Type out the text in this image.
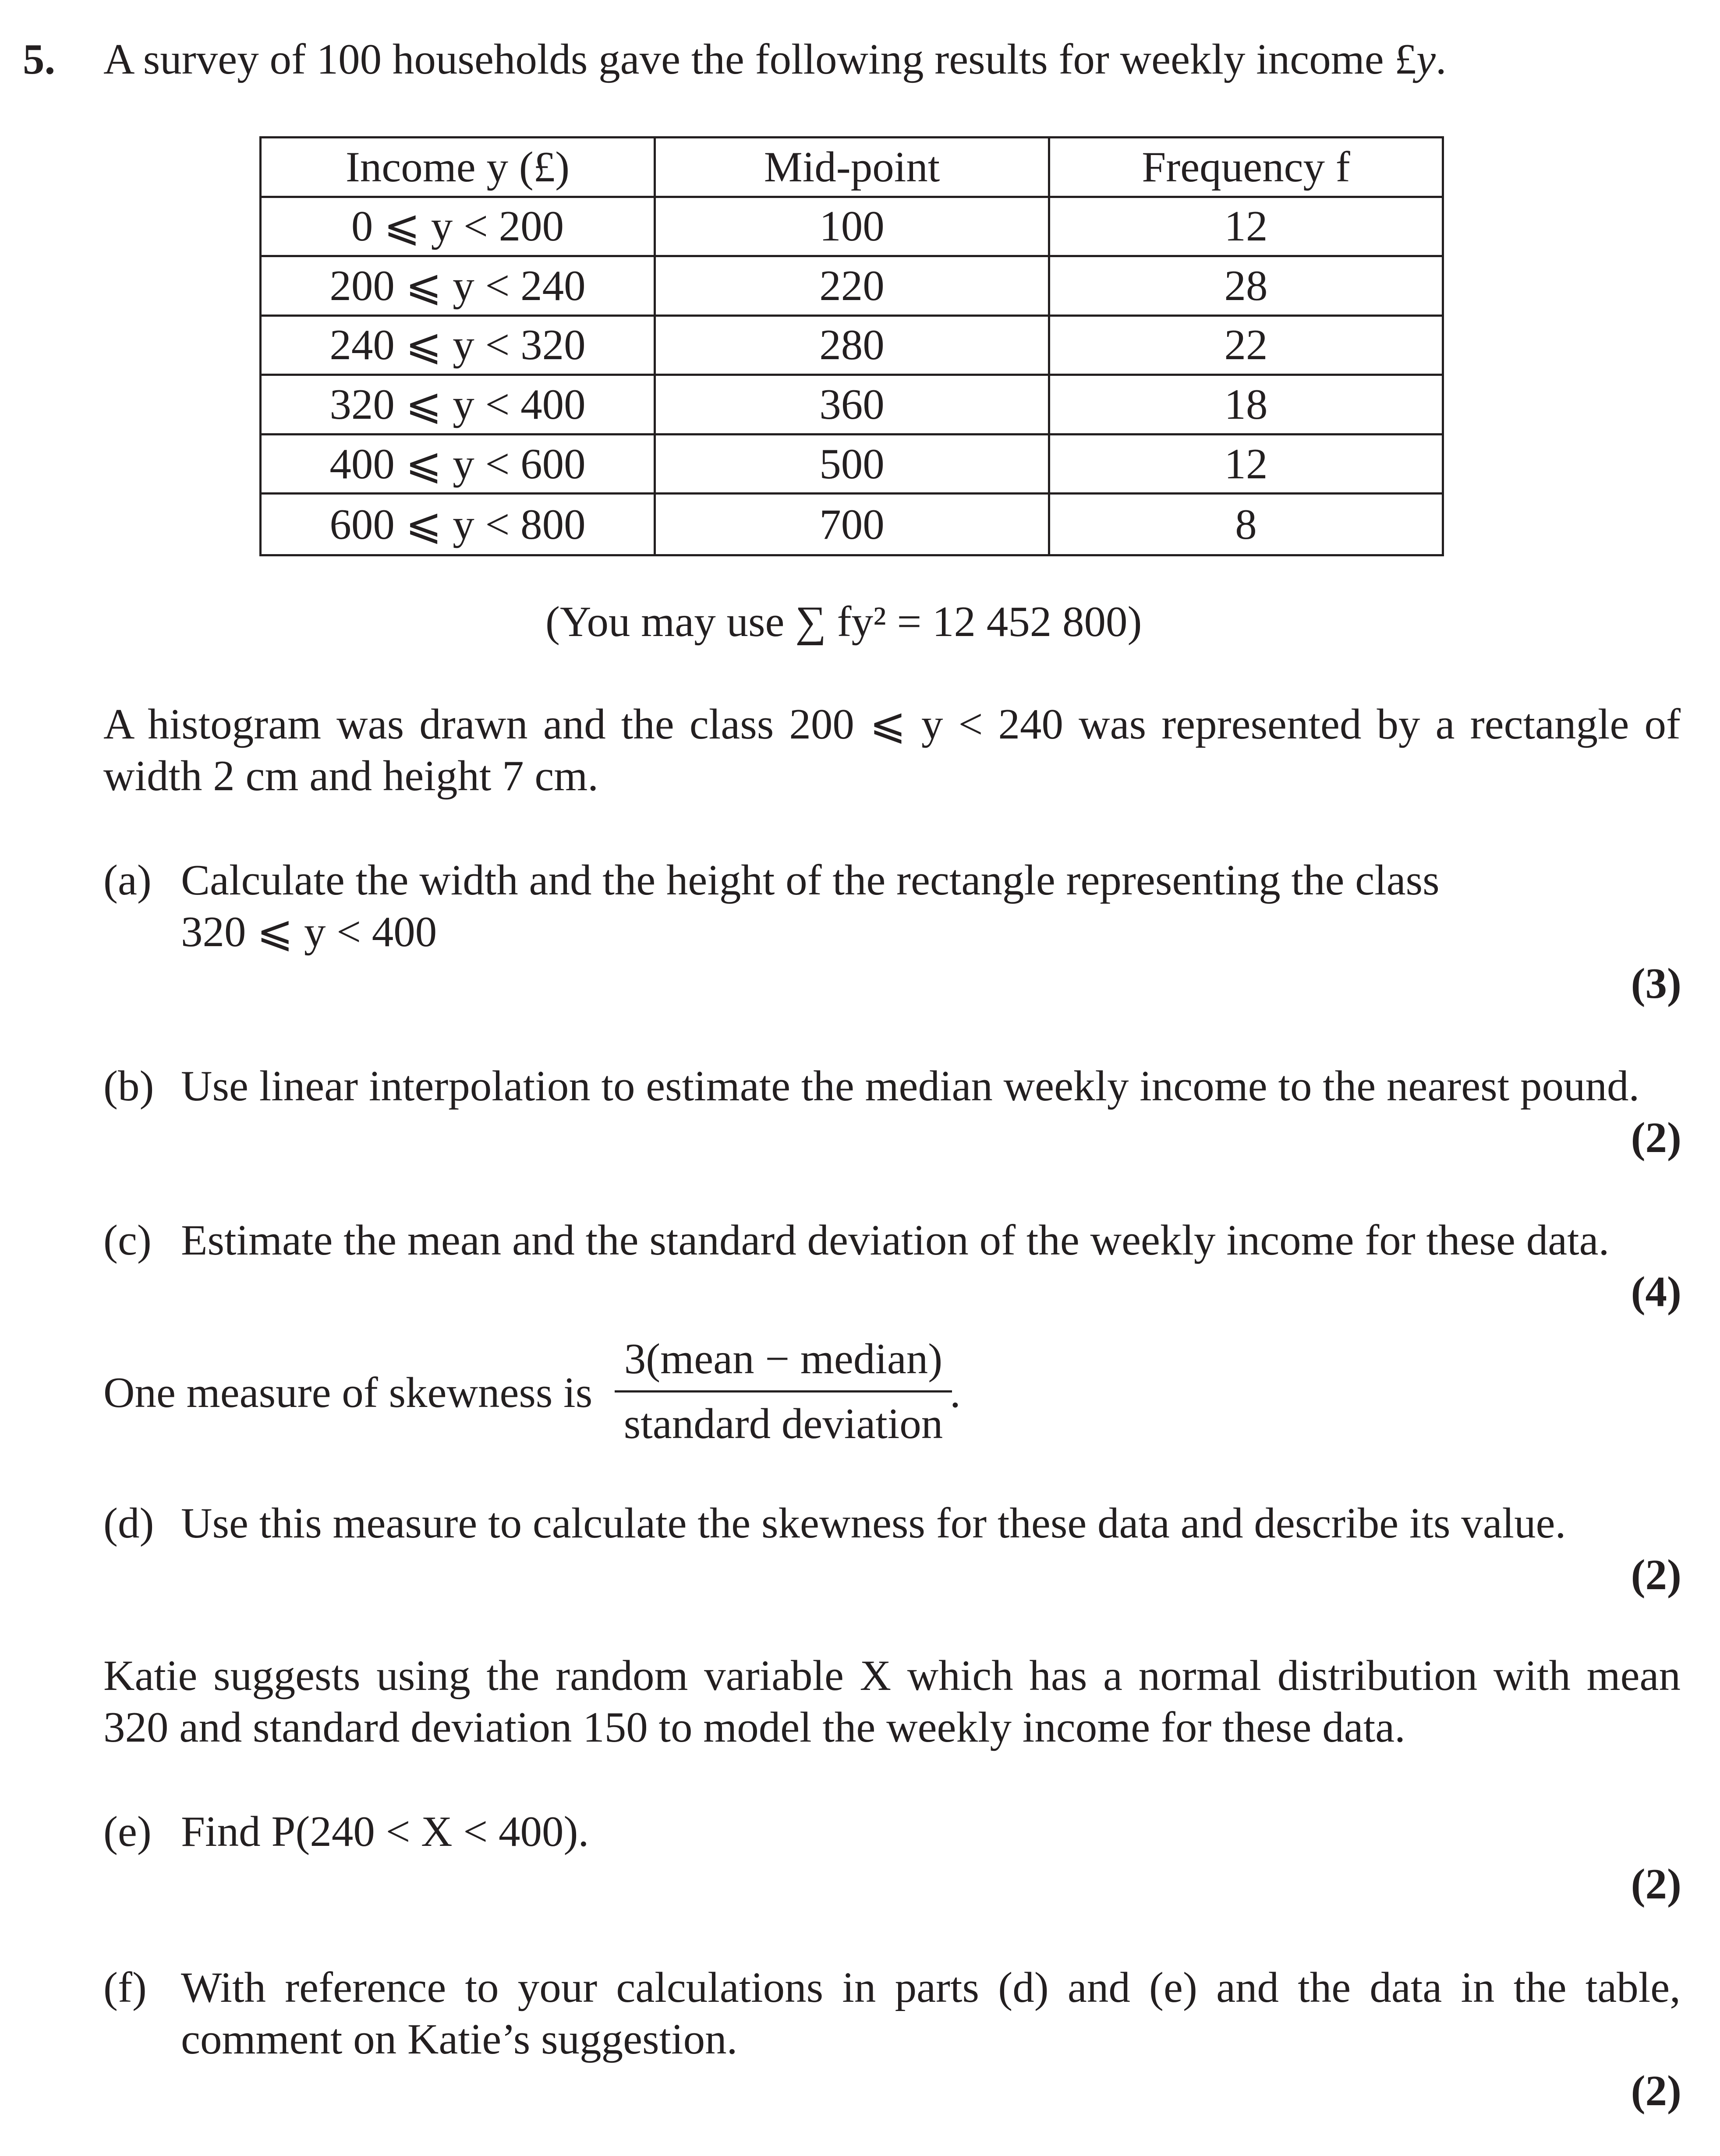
5. A survey of 100 households gave the following results for weekly income £y.
Income y (£)	Mid-point	Frequency f
0 ⩽ y < 200	100	12
200 ⩽ y < 240	220	28
240 ⩽ y < 320	280	22
320 ⩽ y < 400	360	18
400 ⩽ y < 600	500	12
600 ⩽ y < 800	700	8
(You may use ∑ fy² = 12 452 800)
A histogram was drawn and the class 200 ⩽ y < 240 was represented by a rectangle of
width 2 cm and height 7 cm.
(a) Calculate the width and the height of the rectangle representing the class
320 ⩽ y < 400
(3)
(b) Use linear interpolation to estimate the median weekly income to the nearest pound.
(2)
(c) Estimate the mean and the standard deviation of the weekly income for these data.
(4)
One measure of skewness is
3(mean − median)
standard deviation
.
(d) Use this measure to calculate the skewness for these data and describe its value.
(2)
Katie suggests using the random variable X which has a normal distribution with mean
320 and standard deviation 150 to model the weekly income for these data.
(e) Find P(240 < X < 400).
(2)
(f) With reference to your calculations in parts (d) and (e) and the data in the table,
comment on Katie’s suggestion.
(2)
